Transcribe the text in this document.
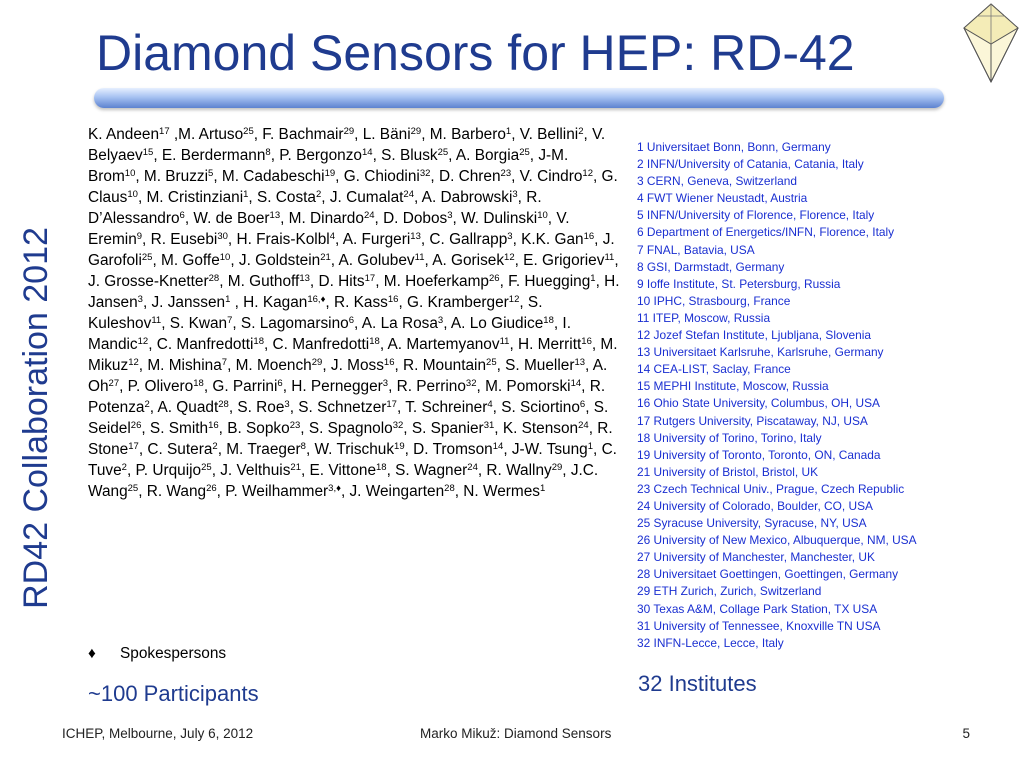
Diamond Sensors for HEP: RD-42
RD42 Collaboration 2012
K. Andeen$^{17}$ ,M. Artuso$^{25}$, F. Bachmair$^{29}$, L. Bäni$^{29}$, M. Barbero$^1$, V. Bellini$^2$, V. Belyaev$^{15}$, E. Berdermann$^8$, P. Bergonzo$^{14}$, S. Blusk$^{25}$, A. Borgia$^{25}$, J-M. Brom$^{10}$, M. Bruzzi$^5$, M. Cadabeschi$^{19}$, G. Chiodini$^{32}$, D. Chren$^{23}$, V. Cindro$^{12}$, G. Claus$^{10}$, M. Cristinziani$^1$, S. Costa$^2$, J. Cumalat$^{24}$, A. Dabrowski$^3$, R. D’Alessandro$^6$, W. de Boer$^{13}$, M. Dinardo$^{24}$, D. Dobos$^3$, W. Dulinski$^{10}$, V. Eremin$^9$, R. Eusebi$^{30}$, H. Frais-Kolbl$^4$, A. Furgeri$^{13}$, C. Gallrapp$^3$, K.K. Gan$^{16}$, J. Garofoli$^{25}$, M. Goffe$^{10}$, J. Goldstein$^{21}$, A. Golubev$^{11}$, A. Gorisek$^{12}$, E. Grigoriev$^{11}$, J. Grosse-Knetter$^{28}$, M. Guthoff$^{13}$, D. Hits$^{17}$, M. Hoeferkamp$^{26}$, F. Huegging$^1$, H. Jansen$^3$, J. Janssen$^1$ , H. Kagan$^{16,♦}$, R. Kass$^{16}$, G. Kramberger$^{12}$, S. Kuleshov$^{11}$, S. Kwan$^7$, S. Lagomarsino$^6$, A. La Rosa$^3$, A. Lo Giudice$^{18}$, I. Mandic$^{12}$, C. Manfredotti$^{18}$, C. Manfredotti$^{18}$, A. Martemyanov$^{11}$, H. Merritt$^{16}$, M. Mikuz$^{12}$, M. Mishina$^7$, M. Moench$^{29}$, J. Moss$^{16}$, R. Mountain$^{25}$, S. Mueller$^{13}$, A. Oh$^{27}$, P. Olivero$^{18}$, G. Parrini$^6$, H. Pernegger$^3$, R. Perrino$^{32}$, M. Pomorski$^{14}$, R. Potenza$^2$, A. Quadt$^{28}$, S. Roe$^3$, S. Schnetzer$^{17}$, T. Schreiner$^4$, S. Sciortino$^6$, S. Seidel$^{26}$, S. Smith$^{16}$, B. Sopko$^{23}$, S. Spagnolo$^{32}$, S. Spanier$^{31}$, K. Stenson$^{24}$, R. Stone$^{17}$, C. Sutera$^2$, M. Traeger$^8$, W. Trischuk$^{19}$, D. Tromson$^{14}$, J-W. Tsung$^1$, C. Tuve$^2$, P. Urquijo$^{25}$, J. Velthuis$^{21}$, E. Vittone$^{18}$, S. Wagner$^{24}$, R. Wallny$^{29}$, J.C. Wang$^{25}$, R. Wang$^{26}$, P. Weilhammer$^{3,♦}$, J. Weingarten$^{28}$, N. Wermes$^1$
♦ Spokespersons
~100 Participants
1 Universitaet Bonn, Bonn, Germany
2 INFN/University of Catania, Catania, Italy
3 CERN, Geneva, Switzerland
4 FWT Wiener Neustadt, Austria
5 INFN/University of Florence, Florence, Italy
6 Department of Energetics/INFN, Florence, Italy
7 FNAL, Batavia, USA
8 GSI, Darmstadt, Germany
9 Ioffe Institute, St. Petersburg, Russia
10 IPHC, Strasbourg, France
11 ITEP, Moscow, Russia
12 Jozef Stefan Institute, Ljubljana, Slovenia
13 Universitaet Karlsruhe, Karlsruhe, Germany
14 CEA-LIST, Saclay, France
15 MEPHI Institute, Moscow, Russia
16 Ohio State University, Columbus, OH, USA
17 Rutgers University, Piscataway, NJ, USA
18 University of Torino, Torino, Italy
19 University of Toronto, Toronto, ON, Canada
21 University of Bristol, Bristol, UK
23 Czech Technical Univ., Prague, Czech Republic
24 University of Colorado, Boulder, CO, USA
25 Syracuse University, Syracuse, NY, USA
26 University of New Mexico, Albuquerque, NM, USA
27 University of Manchester, Manchester, UK
28 Universitaet Goettingen, Goettingen, Germany
29 ETH Zurich, Zurich, Switzerland
30 Texas A&M, Collage Park Station, TX USA
31 University of Tennessee, Knoxville TN USA
32 INFN-Lecce, Lecce, Italy
32 Institutes
ICHEP, Melbourne, July 6, 2012	Marko Mikuž: Diamond Sensors	5
